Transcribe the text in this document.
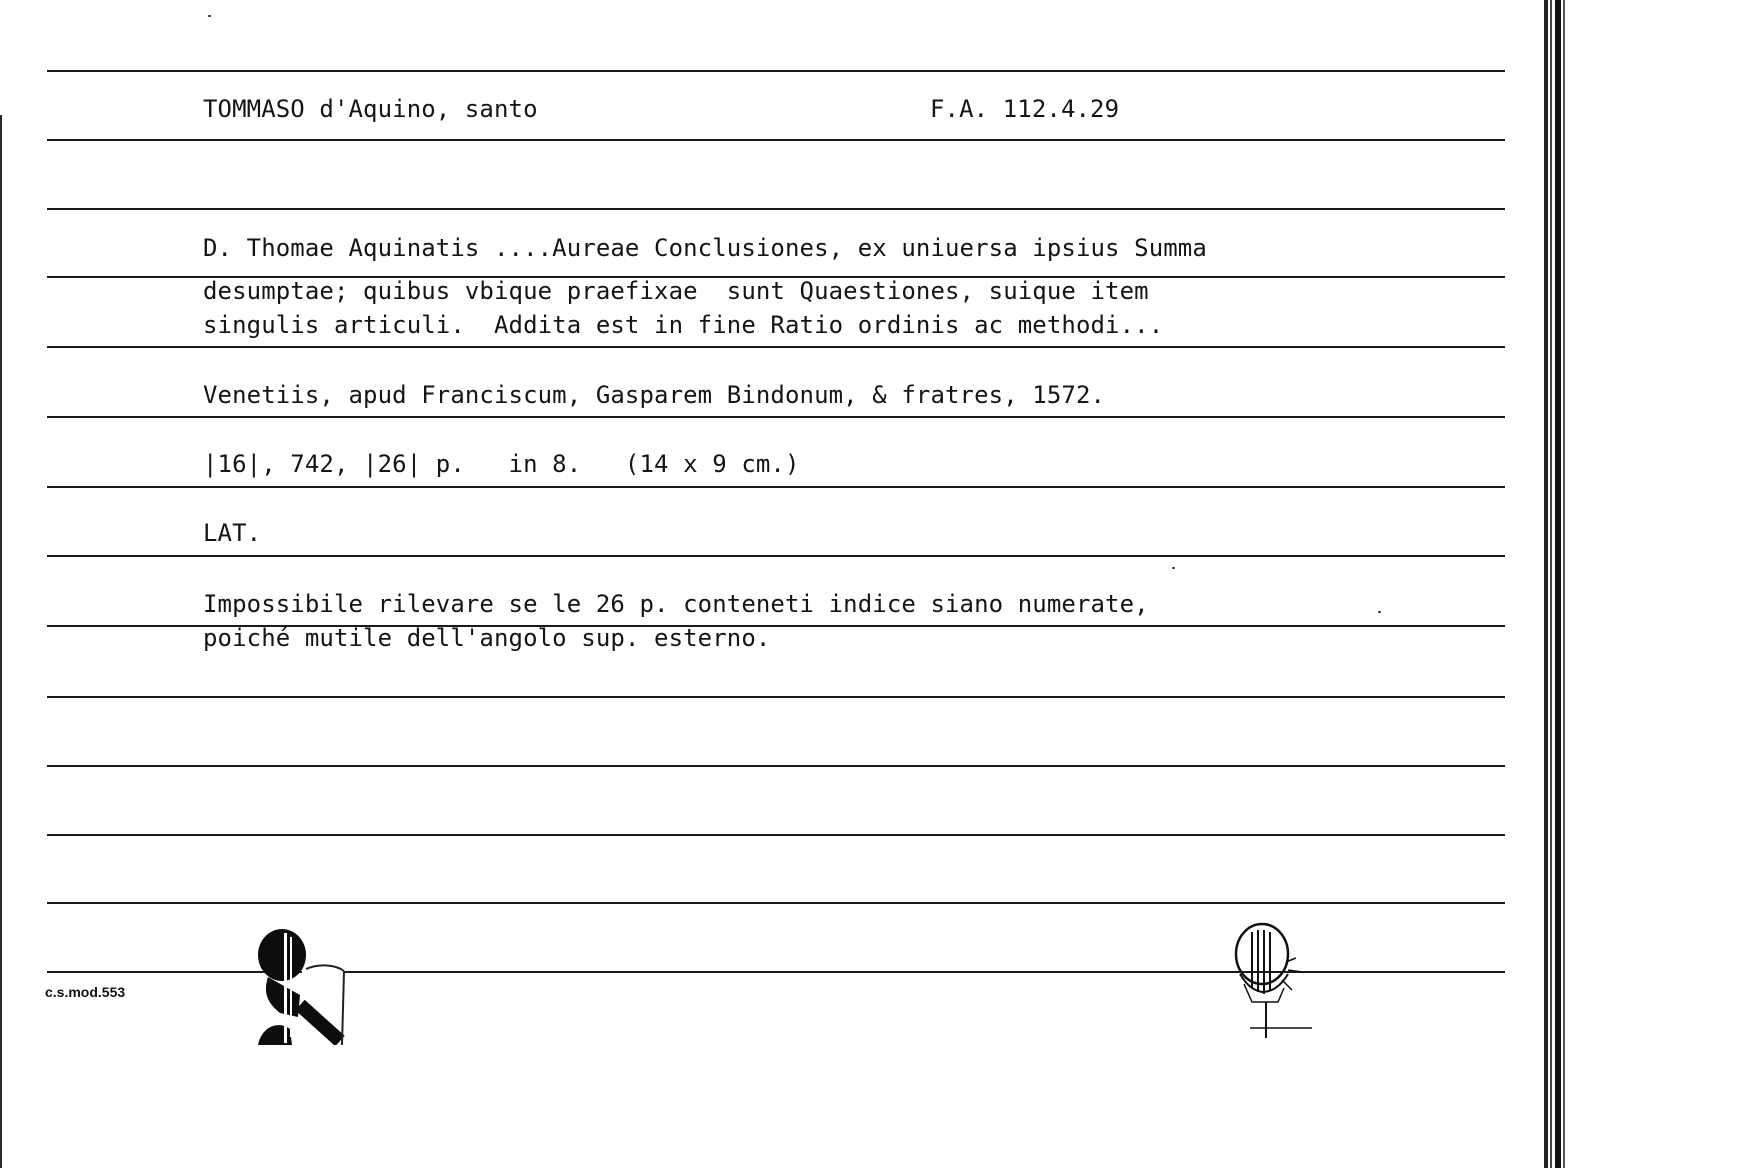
TOMMASO d'Aquino, santo	F.A. 112.4.29
D. Thomae Aquinatis ....Aureae Conclusiones, ex uniuersa ipsius Summa
desumptae; quibus vbique praefixae  sunt Quaestiones, suique item
singulis articuli.  Addita est in fine Ratio ordinis ac methodi...
Venetiis, apud Franciscum, Gasparem Bindonum, & fratres, 1572.
|16|, 742, |26| p.   in 8.   (14 x 9 cm.)
LAT.
Impossibile rilevare se le 26 p. conteneti indice siano numerate,
poiché mutile dell'angolo sup. esterno.
c.s.mod.553
